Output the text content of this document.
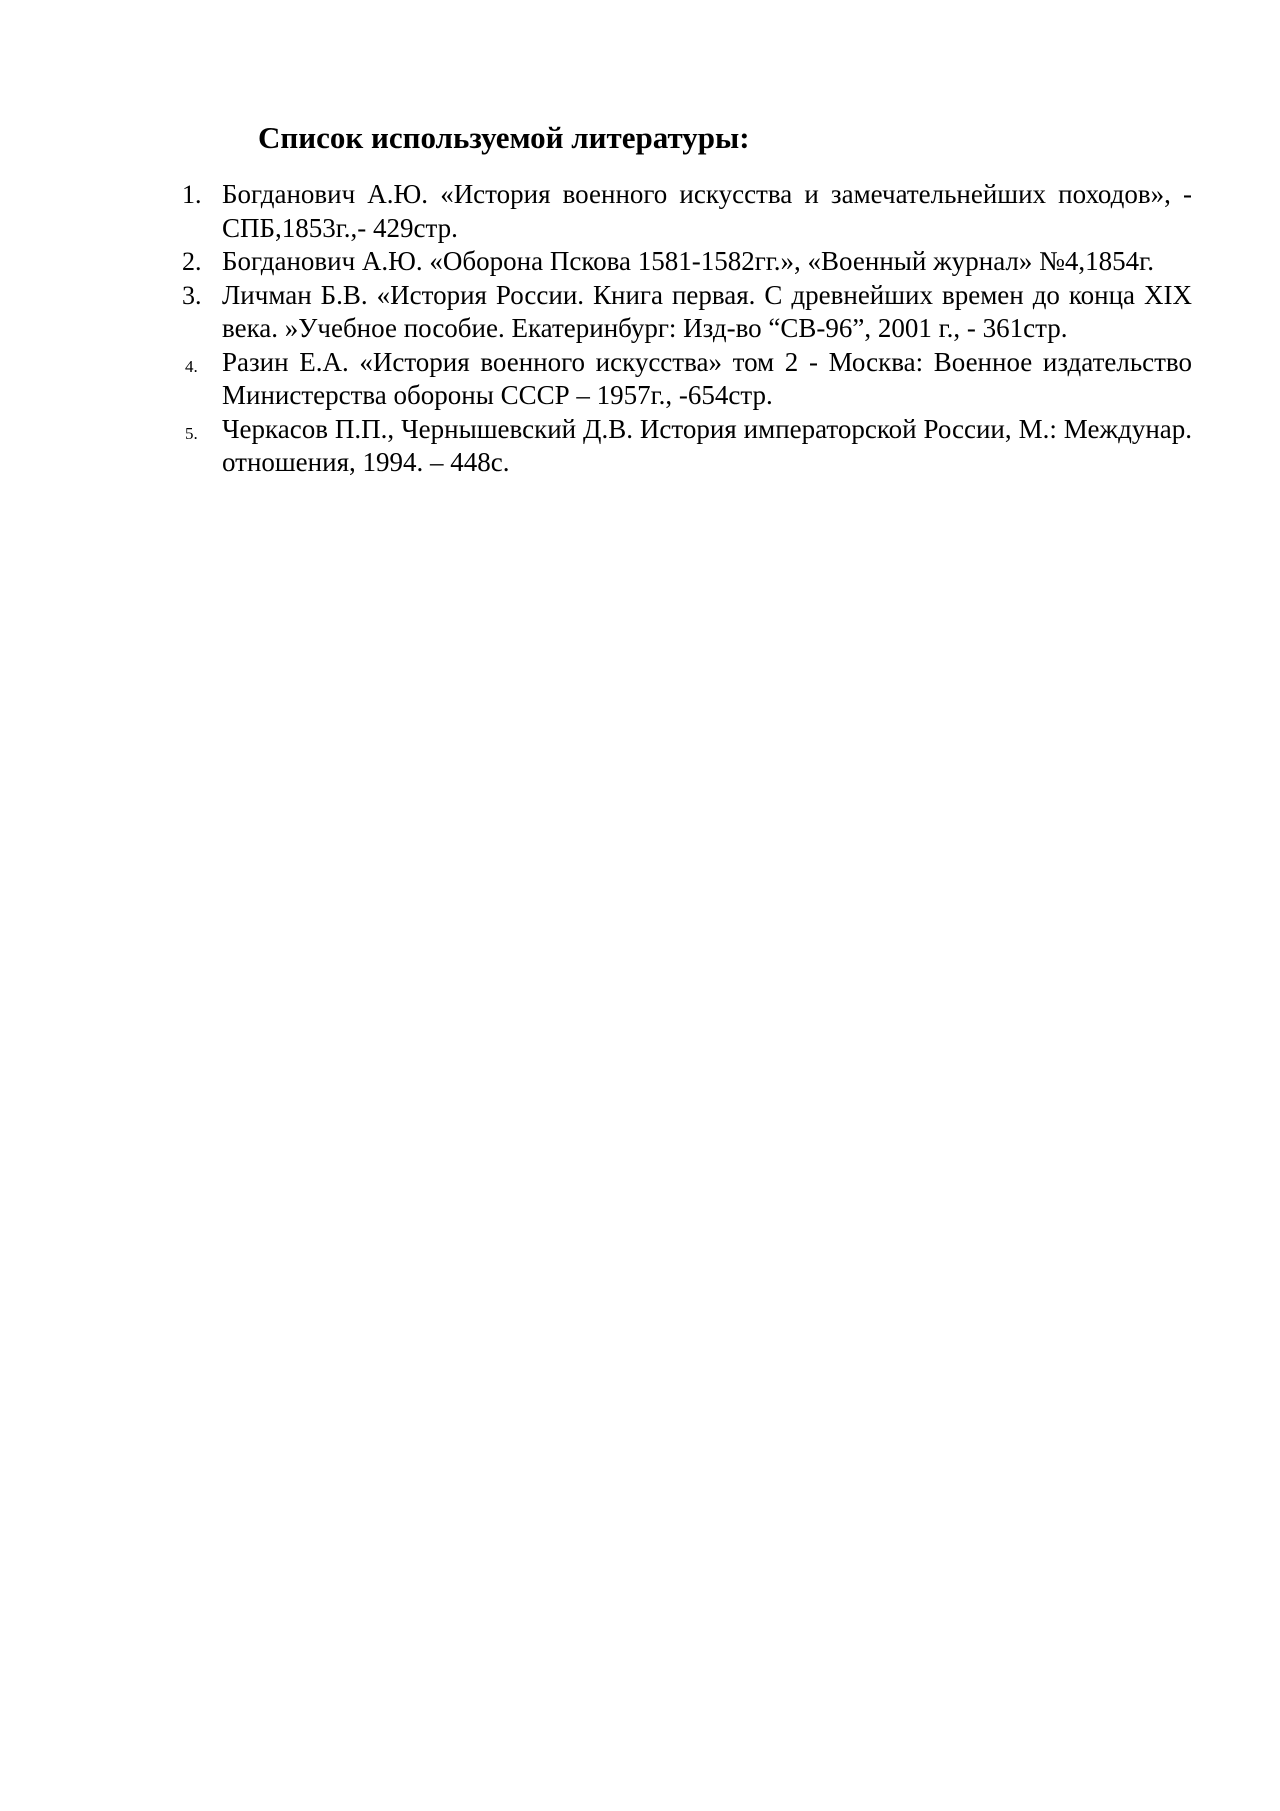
Список используемой литературы:
1. Богданович А.Ю. «История военного искусства и замечательнейших походов», - СПБ,1853г.,- 429стр.
2. Богданович А.Ю. «Оборона Пскова 1581-1582гг.», «Военный журнал» №4,1854г.
3. Личман Б.В. «История России. Книга первая. С древнейших времен до конца XIX века. »Учебное пособие. Екатеринбург: Изд-во “СВ-96”, 2001 г., - 361стр.
4. Разин Е.А. «История военного искусства» том 2 - Москва: Военное издательство Министерства обороны СССР – 1957г., -654стр.
5. Черкасов П.П., Чернышевский Д.В. История императорской России, М.: Междунар. отношения, 1994. – 448с.
